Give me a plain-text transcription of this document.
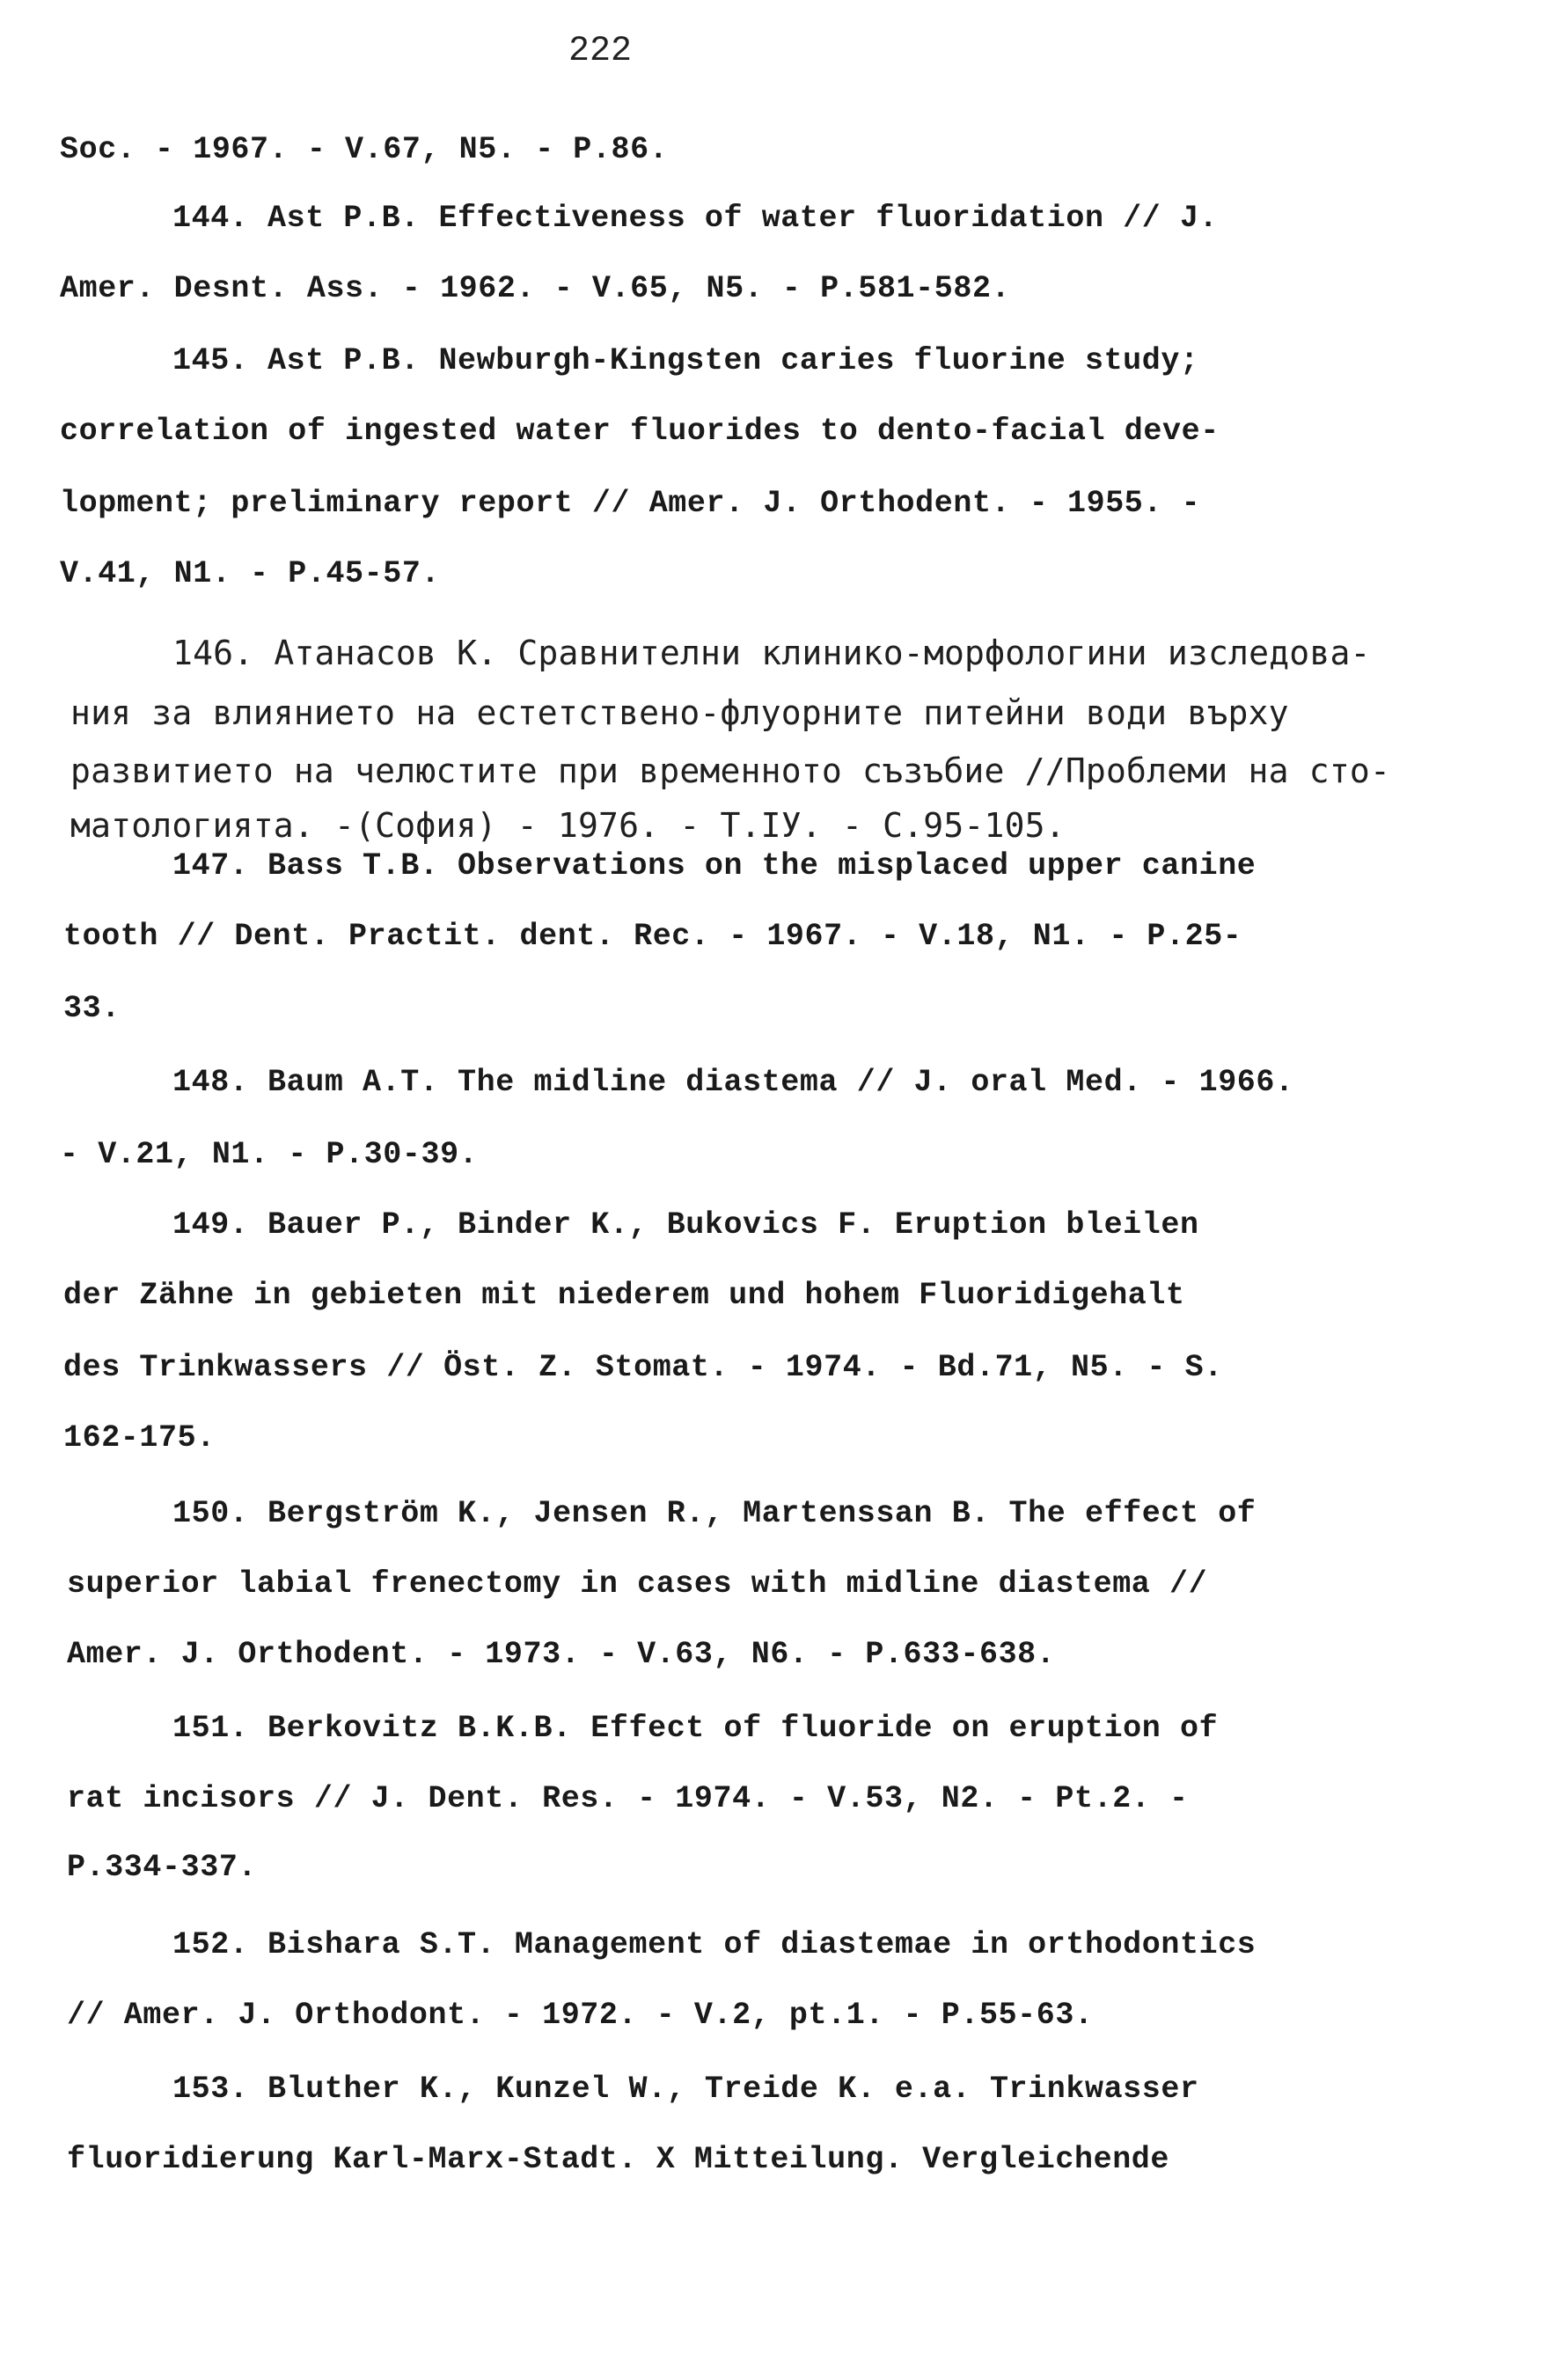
222
Soc. - 1967. - V.67, N5. - P.86.
144. Ast P.B. Effectiveness of water fluoridation // J.
Amer. Desnt. Ass. - 1962. - V.65, N5. - P.581-582.
145. Ast P.B. Newburgh-Kingsten caries fluorine study;
correlation of ingested water fluorides to dento-facial deve-
lopment; preliminary report // Amer. J. Orthodent. - 1955. -
V.41, N1. - P.45-57.
146. Атанасов К. Сравнителни клинико-морфологини изследова-
ния за влиянието на естетствено-флуорните питейни води върху
развитието на челюстите при временното съзъбие //Проблеми на сто-
матологията. -(София) - 1976. - Т.IУ. - С.95-105.
147. Bass T.B. Observations on the misplaced upper canine
tooth // Dent. Practit. dent. Rec. - 1967. - V.18, N1. - P.25-
33.
148. Baum A.T. The midline diastema // J. oral Med. - 1966.
- V.21, N1. - P.30-39.
149. Bauer P., Binder K., Bukovics F. Eruption bleilen
der Zähne in gebieten mit niederem und hohem Fluoridigehalt
des Trinkwassers // Öst. Z. Stomat. - 1974. - Bd.71, N5. - S.
162-175.
150. Bergström K., Jensen R., Martenssan B. The effect of
superior labial frenectomy in cases with midline diastema //
Amer. J. Orthodent. - 1973. - V.63, N6. - P.633-638.
151. Berkovitz B.K.B. Effect of fluoride on eruption of
rat incisors // J. Dent. Res. - 1974. - V.53, N2. - Pt.2. -
P.334-337.
152. Bishara S.T. Management of diastemae in orthodontics
// Amer. J. Orthodont. - 1972. - V.2, pt.1. - P.55-63.
153. Bluther K., Kunzel W., Treide K. e.a. Trinkwasser
fluoridierung Karl-Marx-Stadt. X Mitteilung. Vergleichende
